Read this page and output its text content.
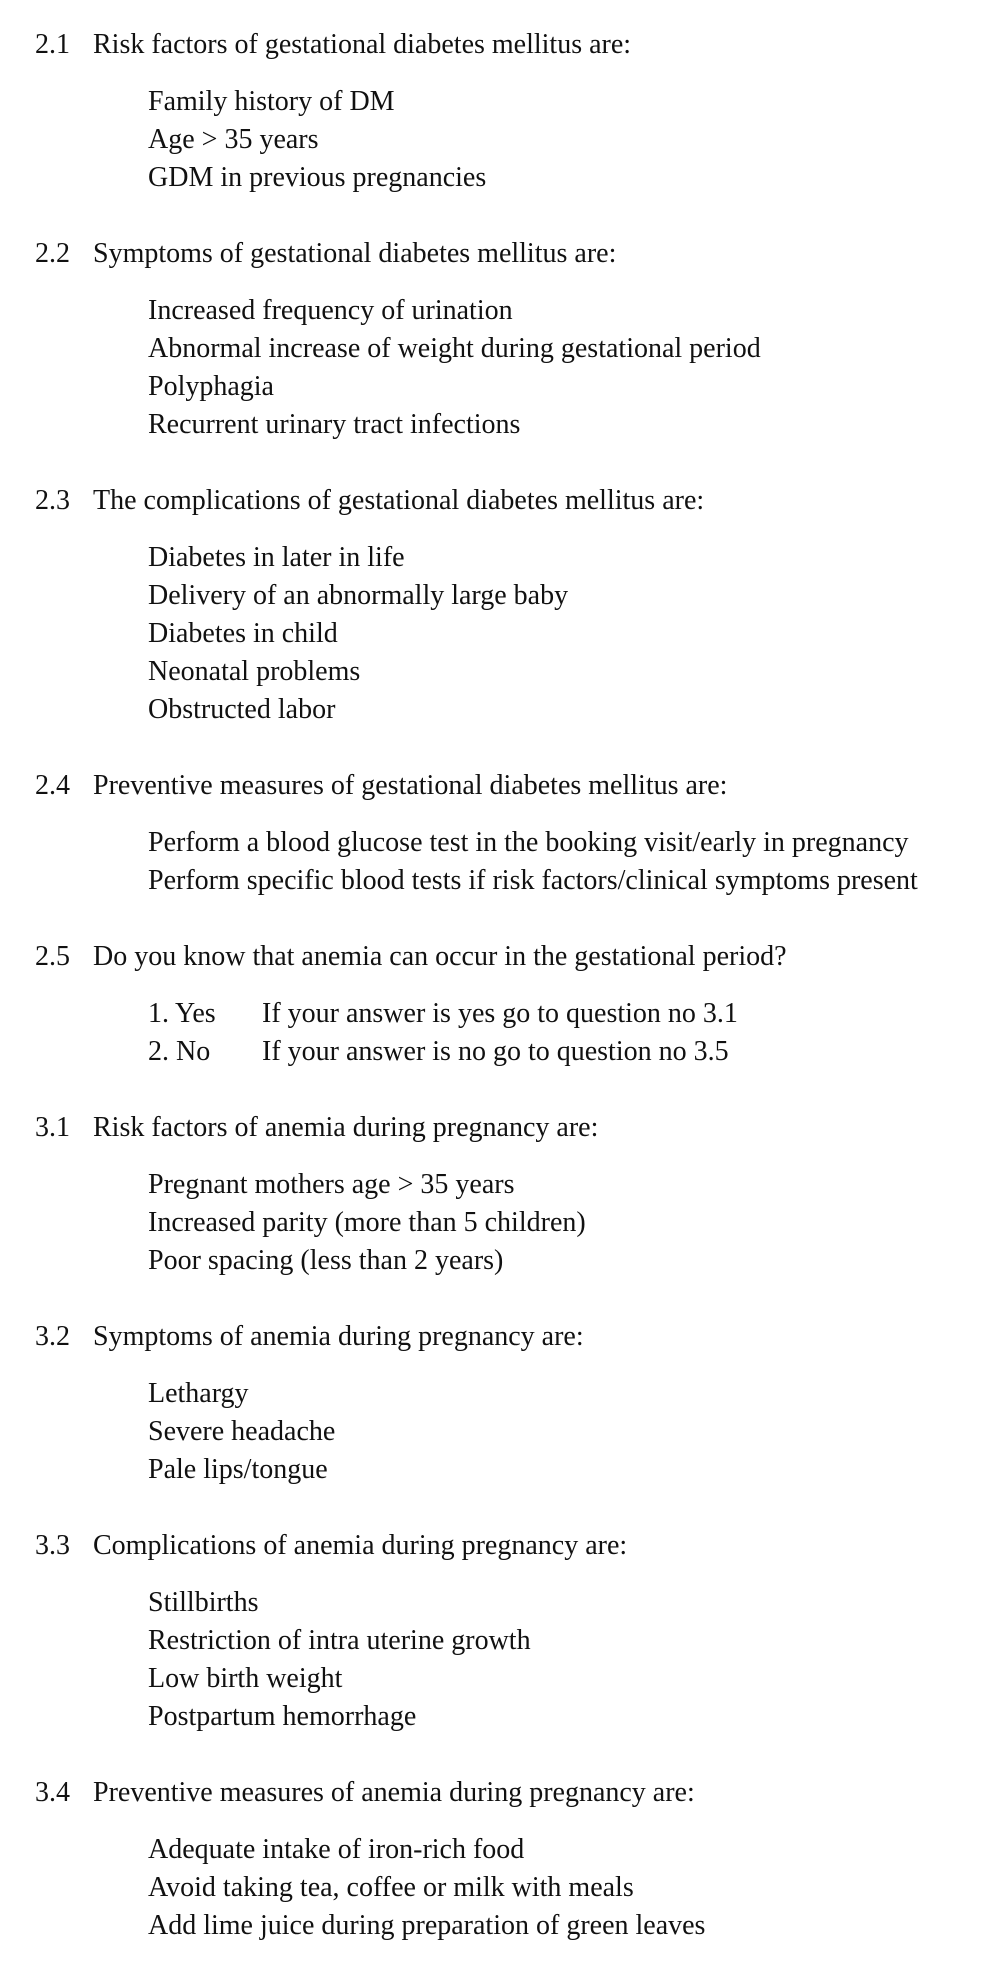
2.1 Risk factors of gestational diabetes mellitus are:
Family history of DM
Age > 35 years
GDM in previous pregnancies
2.2 Symptoms of gestational diabetes mellitus are:
Increased frequency of urination
Abnormal increase of weight during gestational period
Polyphagia
Recurrent urinary tract infections
2.3 The complications of gestational diabetes mellitus are:
Diabetes in later in life
Delivery of an abnormally large baby
Diabetes in child
Neonatal problems
Obstructed labor
2.4 Preventive measures of gestational diabetes mellitus are:
Perform a blood glucose test in the booking visit/early in pregnancy
Perform specific blood tests if risk factors/clinical symptoms present
2.5 Do you know that anemia can occur in the gestational period?
1. Yes If your answer is yes go to question no 3.1
2. No If your answer is no go to question no 3.5
3.1 Risk factors of anemia during pregnancy are:
Pregnant mothers age > 35 years
Increased parity (more than 5 children)
Poor spacing (less than 2 years)
3.2 Symptoms of anemia during pregnancy are:
Lethargy
Severe headache
Pale lips/tongue
3.3 Complications of anemia during pregnancy are:
Stillbirths
Restriction of intra uterine growth
Low birth weight
Postpartum hemorrhage
3.4 Preventive measures of anemia during pregnancy are:
Adequate intake of iron-rich food
Avoid taking tea, coffee or milk with meals
Add lime juice during preparation of green leaves
